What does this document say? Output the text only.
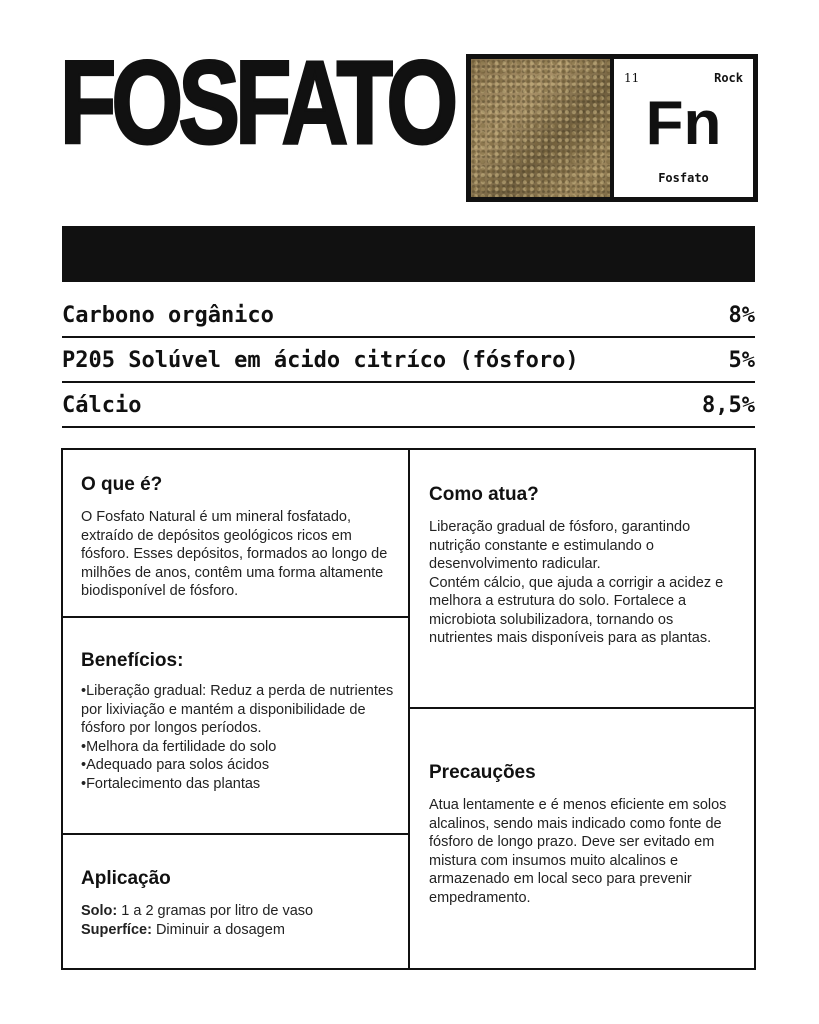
FOSFATO	11	Rock
Fn
Fosfato
Carbono orgânico	8%
P205 Solúvel em ácido citríco (fósforo)	5%
Cálcio	8,5%
O que é?

O Fosfato Natural é um mineral fosfatado, extraído de depósitos geológicos ricos em fósforo. Esses depósitos, formados ao longo de milhões de anos, contêm uma forma altamente biodisponível de fósforo.

Benefícios:
• Liberação gradual: Reduz a perda de nutrientes por lixiviação e mantém a disponibilidade de fósforo por longos períodos.
• Melhora da fertilidade do solo
• Adequado para solos ácidos
• Fortalecimento das plantas
Aplicação
Solo: 1 a 2 gramas por litro de vaso
Superfíce: Diminuir a dosagem
Como atua?

Liberação gradual de fósforo, garantindo nutrição constante e estimulando o desenvolvimento radicular.

Contém cálcio, que ajuda a corrigir a acidez e melhora a estrutura do solo. Fortalece a microbiota solubilizadora, tornando os nutrientes mais disponíveis para as plantas.

Precauções

Atua lentamente e é menos eficiente em solos alcalinos, sendo mais indicado como fonte de fósforo de longo prazo. Deve ser evitado em mistura com insumos muito alcalinos e armazenado em local seco para prevenir empedramento.
